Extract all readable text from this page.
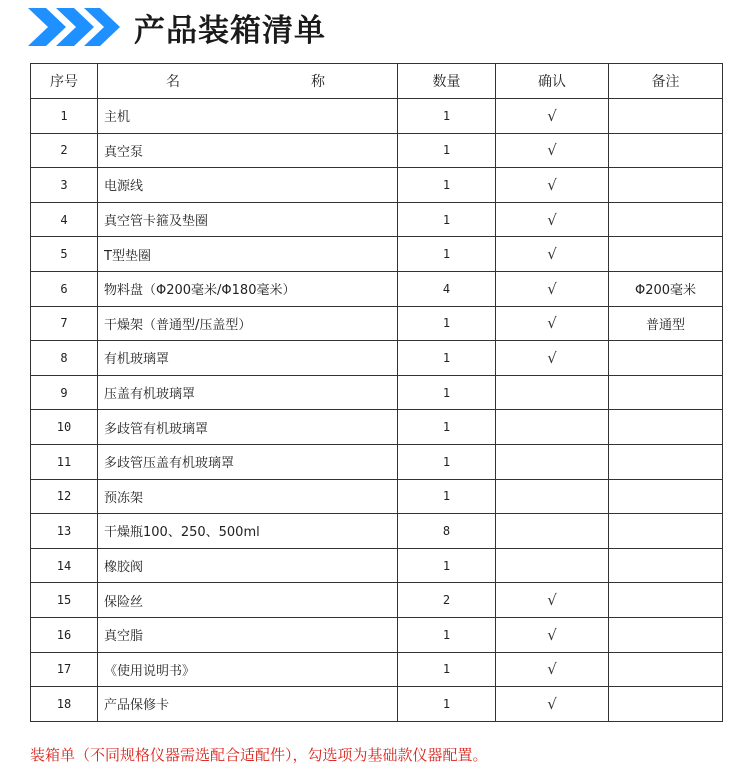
产品装箱清单
序号	名 称	数量	确认	备注
1	主机	1	√	
2	真空泵	1	√	
3	电源线	1	√	
4	真空管卡箍及垫圈	1	√	
5	T型垫圈	1	√	
6	物料盘（Φ200毫米/Φ180毫米）	4	√	Φ200毫米
7	干燥架（普通型/压盖型）	1	√	普通型
8	有机玻璃罩	1	√	
9	压盖有机玻璃罩	1		
10	多歧管有机玻璃罩	1		
11	多歧管压盖有机玻璃罩	1		
12	预冻架	1		
13	干燥瓶100、250、500ml	8		
14	橡胶阀	1		
15	保险丝	2	√	
16	真空脂	1	√	
17	《使用说明书》	1	√	
18	产品保修卡	1	√	
装箱单（不同规格仪器需选配合适配件），勾选项为基础款仪器配置。
